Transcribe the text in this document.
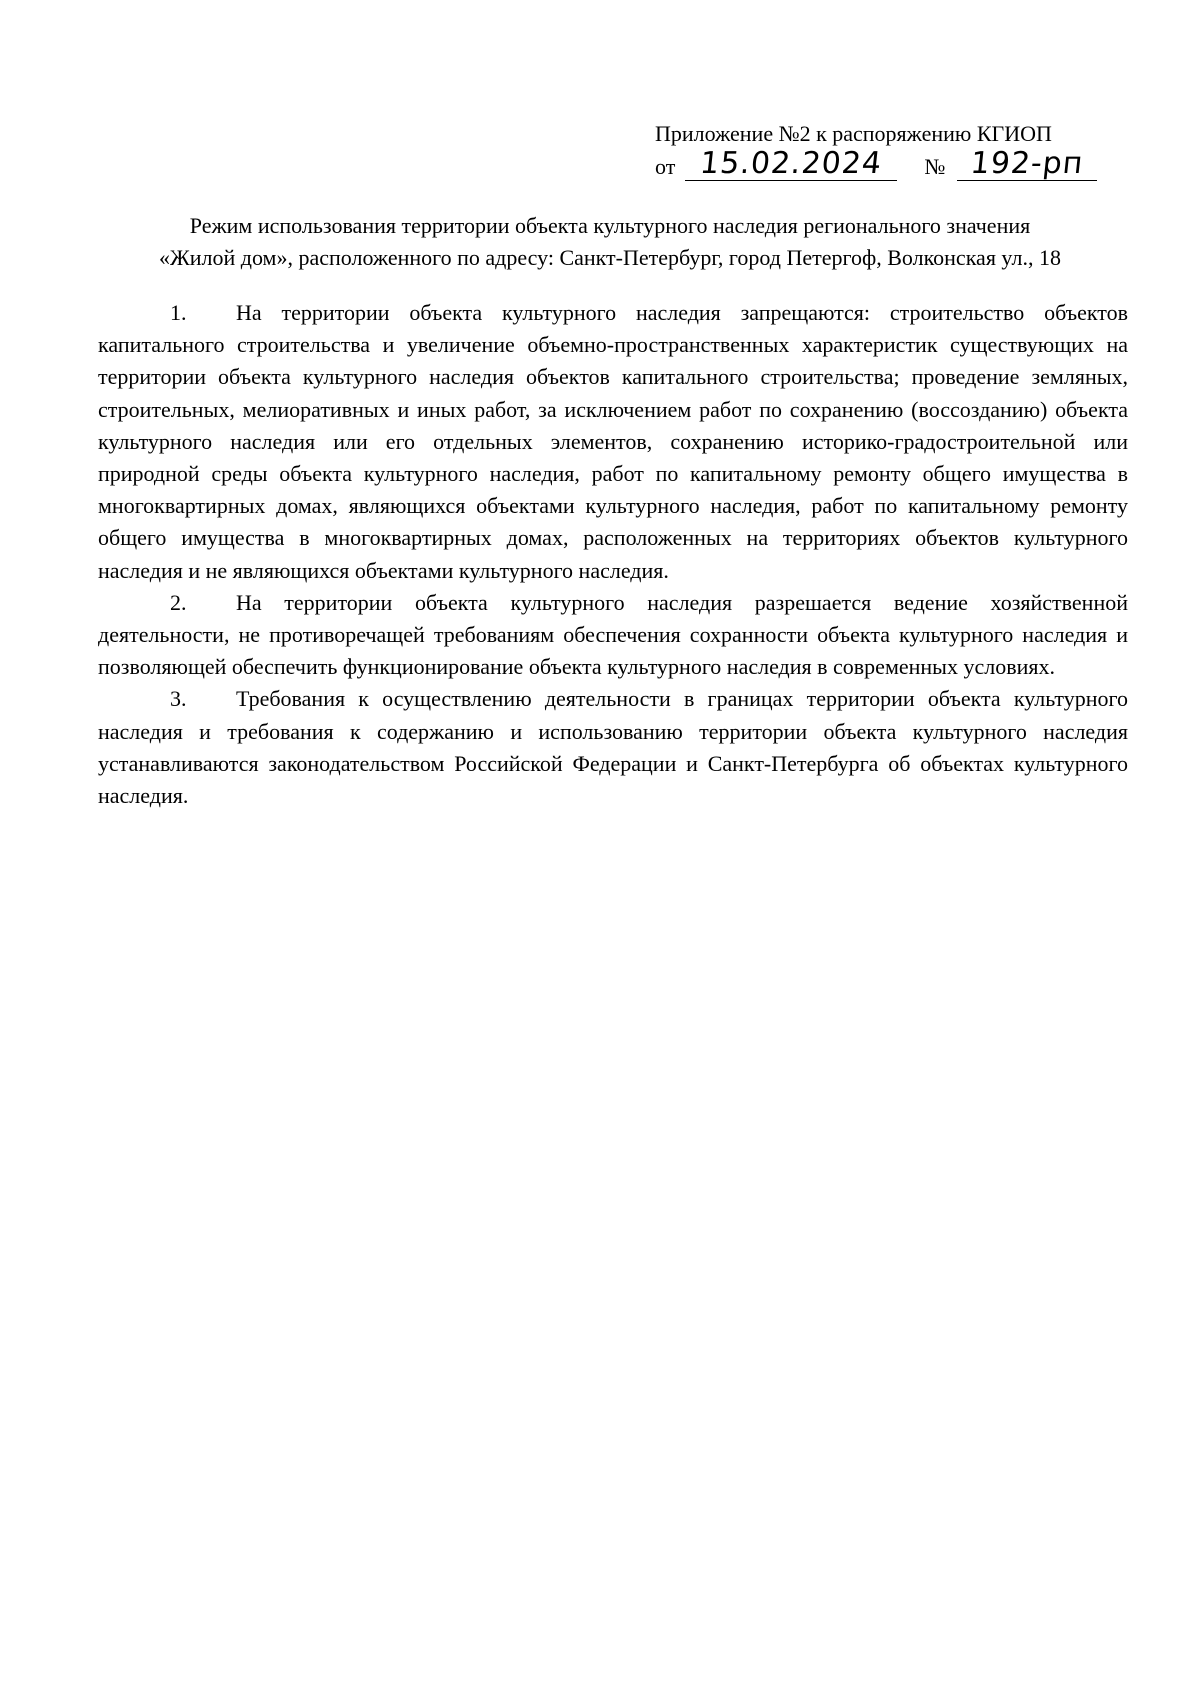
Приложение №2 к распоряжению КГИОП
от 15.02.2024	№ 192-рп
Режим использования территории объекта культурного наследия регионального значения
«Жилой дом», расположенного по адресу: Санкт-Петербург, город Петергоф, Волконская ул., 18

1. На территории объекта культурного наследия запрещаются: строительство объектов капитального строительства и увеличение объемно-пространственных характеристик существующих на территории объекта культурного наследия объектов капитального строительства; проведение земляных, строительных, мелиоративных и иных работ, за исключением работ по сохранению (воссозданию) объекта культурного наследия или его отдельных элементов, сохранению историко-градостроительной или природной среды объекта культурного наследия, работ по капитальному ремонту общего имущества в многоквартирных домах, являющихся объектами культурного наследия, работ по капитальному ремонту общего имущества в многоквартирных домах, расположенных на территориях объектов культурного наследия и не являющихся объектами культурного наследия.

2. На территории объекта культурного наследия разрешается ведение хозяйственной деятельности, не противоречащей требованиям обеспечения сохранности объекта культурного наследия и позволяющей обеспечить функционирование объекта культурного наследия в современных условиях.

3. Требования к осуществлению деятельности в границах территории объекта культурного наследия и требования к содержанию и использованию территории объекта культурного наследия устанавливаются законодательством Российской Федерации и Санкт-Петербурга об объектах культурного наследия.
